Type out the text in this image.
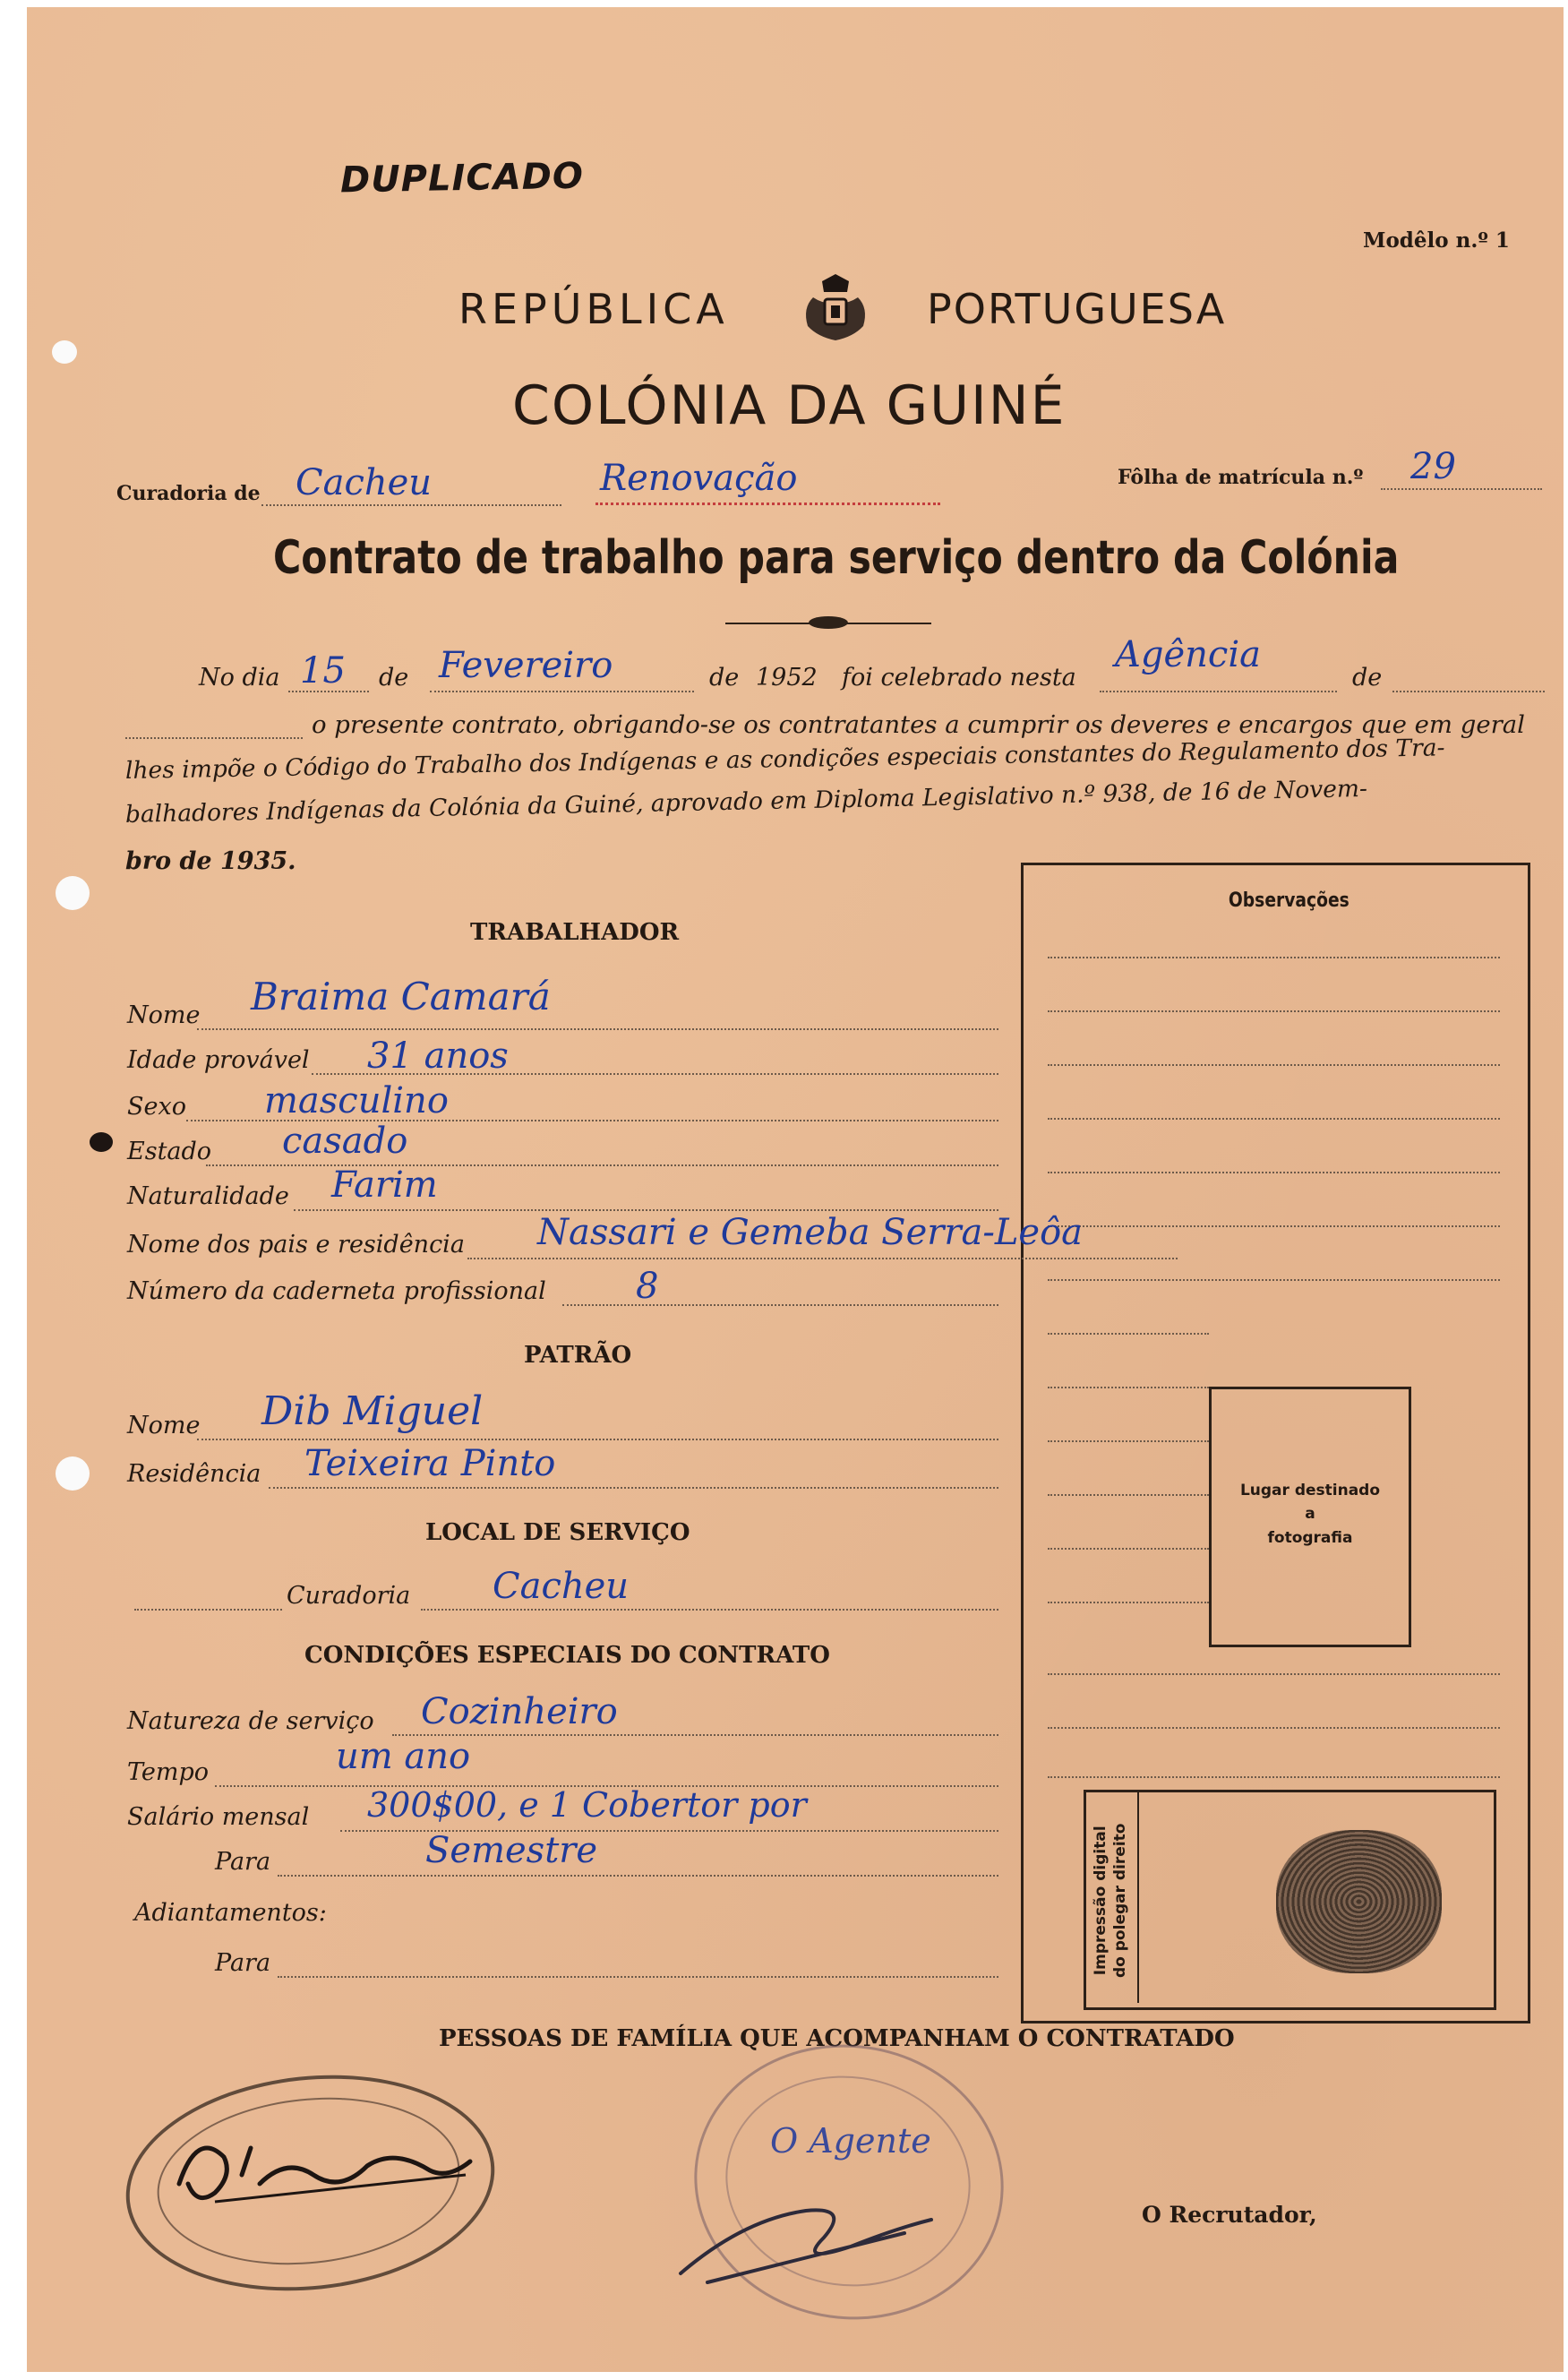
DUPLICADO
Modêlo n.º 1
REPÚBLICA	PORTUGUESA
COLÓNIA DA GUINÉ
Curadoria de Cacheu	Renovação	Fôlha de matrícula n.º 29
Contrato de trabalho para serviço dentro da Colónia
No dia 15 de Fevereiro	de 1952 foi celebrado nesta
Agência
de
o presente contrato, obrigando-se os contratantes a cumprir os deveres e encargos que em geral
lhes impõe o Código do Trabalho dos Indígenas e as condições especiais constantes do Regulamento dos Tra-
balhadores Indígenas da Colónia da Guiné, aprovado em Diploma Legislativo n.º 938, de 16 de Novem-
bro de 1935.
Observações
Lugar destinado
a
fotografia
Impressão digital do polegar direito
TRABALHADOR
Nome Braima Camará
Idade provável 31 anos
Sexo masculino
Estado casado
Naturalidade Farim
Nome dos pais e residência Nassari e Gemeba Serra-Leôa
Número da caderneta profissional	8
PATRÃO
Nome Dib Miguel
Residência Teixeira Pinto
LOCAL DE SERVIÇO
Curadoria Cacheu
CONDIÇÕES ESPECIAIS DO CONTRATO
Natureza de serviço Cozinheiro
Tempo	um ano
Salário mensal 300$00, e 1 Cobertor por
Para	Semestre
Adiantamentos:
Para
PESSOAS DE FAMÍLIA QUE ACOMPANHAM O CONTRATADO
O Agente
O Recrutador,
